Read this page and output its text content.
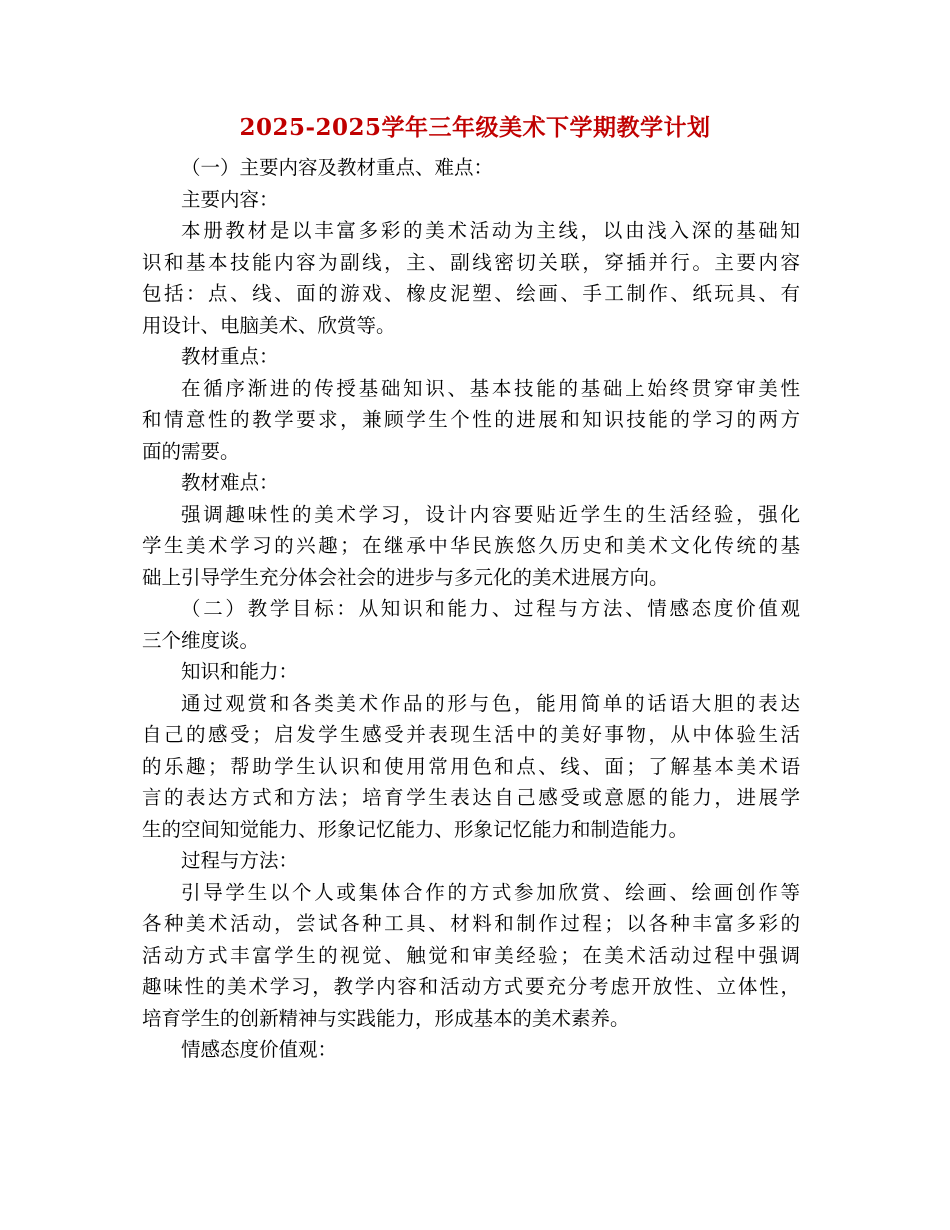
2025-2025学年三年级美术下学期教学计划
（一）主要内容及教材重点、难点：
主要内容：
本册教材是以丰富多彩的美术活动为主线，以由浅入深的基础知
识和基本技能内容为副线，主、副线密切关联，穿插并行。主要内容
包括：点、线、面的游戏、橡皮泥塑、绘画、手工制作、纸玩具、有
用设计、电脑美术、欣赏等。
教材重点：
在循序渐进的传授基础知识、基本技能的基础上始终贯穿审美性
和情意性的教学要求，兼顾学生个性的进展和知识技能的学习的两方
面的需要。
教材难点：
强调趣味性的美术学习，设计内容要贴近学生的生活经验，强化
学生美术学习的兴趣；在继承中华民族悠久历史和美术文化传统的基
础上引导学生充分体会社会的进步与多元化的美术进展方向。
（二）教学目标：从知识和能力、过程与方法、情感态度价值观
三个维度谈。
知识和能力：
通过观赏和各类美术作品的形与色，能用简单的话语大胆的表达
自己的感受；启发学生感受并表现生活中的美好事物，从中体验生活
的乐趣；帮助学生认识和使用常用色和点、线、面；了解基本美术语
言的表达方式和方法；培育学生表达自己感受或意愿的能力，进展学
生的空间知觉能力、形象记忆能力、形象记忆能力和制造能力。
过程与方法：
引导学生以个人或集体合作的方式参加欣赏、绘画、绘画创作等
各种美术活动，尝试各种工具、材料和制作过程；以各种丰富多彩的
活动方式丰富学生的视觉、触觉和审美经验；在美术活动过程中强调
趣味性的美术学习，教学内容和活动方式要充分考虑开放性、立体性，
培育学生的创新精神与实践能力，形成基本的美术素养。
情感态度价值观：
